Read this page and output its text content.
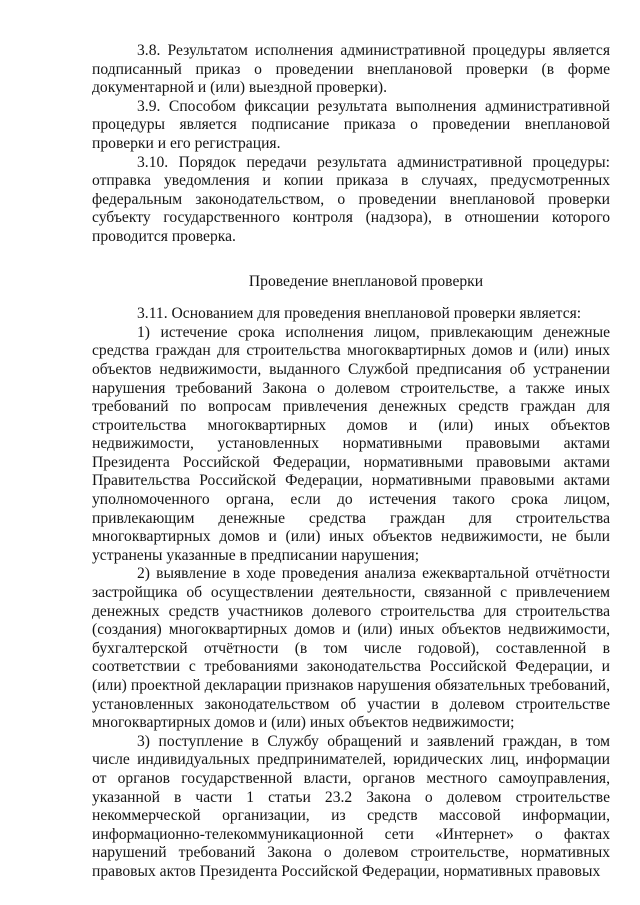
3.8. Результатом исполнения административной процедуры является подписанный приказ о проведении внеплановой проверки (в форме документарной и (или) выездной проверки).

3.9. Способом фиксации результата выполнения административной процедуры является подписание приказа о проведении внеплановой проверки и его регистрация.

3.10. Порядок передачи результата административной процедуры: отправка уведомления и копии приказа в случаях, предусмотренных федеральным законодательством, о проведении внеплановой проверки субъекту государственного контроля (надзора), в отношении которого проводится проверка.

Проведение внеплановой проверки

3.11. Основанием для проведения внеплановой проверки является:

1) истечение срока исполнения лицом, привлекающим денежные средства граждан для строительства многоквартирных домов и (или) иных объектов недвижимости, выданного Службой предписания об устранении нарушения требований Закона о долевом строительстве, а также иных требований по вопросам привлечения денежных средств граждан для строительства многоквартирных домов и (или) иных объектов недвижимости, установленных нормативными правовыми актами Президента Российской Федерации, нормативными правовыми актами Правительства Российской Федерации, нормативными правовыми актами уполномоченного органа, если до истечения такого срока лицом, привлекающим денежные средства граждан для строительства многоквартирных домов и (или) иных объектов недвижимости, не были устранены указанные в предписании нарушения;

2) выявление в ходе проведения анализа ежеквартальной отчётности застройщика об осуществлении деятельности, связанной с привлечением денежных средств участников долевого строительства для строительства (создания) многоквартирных домов и (или) иных объектов недвижимости, бухгалтерской отчётности (в том числе годовой), составленной в соответствии с требованиями законодательства Российской Федерации, и (или) проектной декларации признаков нарушения обязательных требований, установленных законодательством об участии в долевом строительстве многоквартирных домов и (или) иных объектов недвижимости;

3) поступление в Службу обращений и заявлений граждан, в том числе индивидуальных предпринимателей, юридических лиц, информации от органов государственной власти, органов местного самоуправления, указанной в части 1 статьи 23.2 Закона о долевом строительстве некоммерческой организации, из средств массовой информации, информационно-телекоммуникационной сети «Интернет» о фактах нарушений требований Закона о долевом строительстве, нормативных правовых актов Президента Российской Федерации, нормативных правовых
